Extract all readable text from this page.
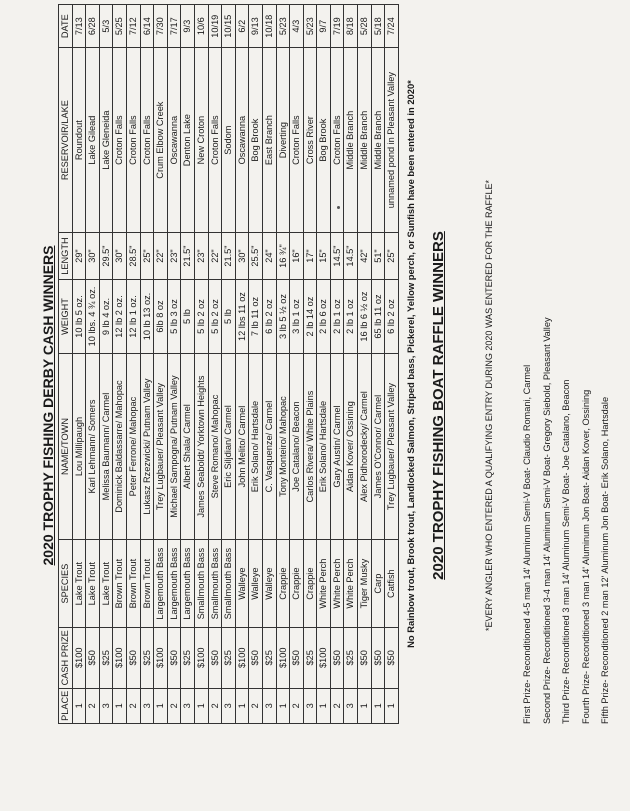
2020 TROPHY FISHING DERBY CASH WINNERS
PLACE	CASH PRIZE	SPECIES	NAME/TOWN	WEIGHT	LENGTH	RESERVOIR/LAKE	DATE
1	$100	Lake Trout	Lou Millipaugh	10 lb 5 oz.	29"	Roundout	7/13
2	$50	Lake Trout	Karl Lehmann/ Somers	10 lbs. 4 ¾ oz.	30"	Lake Gilead	6/28
3	$25	Lake Trout	Melissa Baumann/ Carmel	9 lb 4 oz.	29.5"	Lake Gleneida	5/3
1	$100	Brown Trout	Dominick Baldassarre/ Mahopac	12 lb 2 oz.	30"	Croton Falls	5/25
2	$50	Brown Trout	Peter Ferrone/ Mahopac	12 lb 1 oz.	28.5"	Croton Falls	7/12
3	$25	Brown Trout	Lukasz Rzezwicki/ Putnam Valley	10 lb 13 oz.	25"	Croton Falls	6/14
1	$100	Largemouth Bass	Trey Lugbauer/ Pleasant Valley	6lb 8 oz	22"	Crum Elbow Creek	7/30
2	$50	Largemouth Bass	Michael Sampogna/ Putnam Valley	5 lb 3 oz	23"	Oscawanna	7/17
3	$25	Largemouth Bass	Albert Shala/ Carmel	5 lb	21.5"	Denton Lake	9/3
1	$100	Smallmouth Bass	James Seaboldt/ Yorktown Heights	5 lb 2 oz	23"	New Croton	10/6
2	$50	Smallmouth Bass	Steve Romano/ Mahopac	5 lb 2 oz	22"	Croton Falls	10/19
3	$25	Smallmouth Bass	Eric Siljdian/ Carmel	5 lb	21.5"	Sodom	10/15
1	$100	Walleye	John Melito/ Carmel	12 lbs 11 oz	30"	Oscawanna	6/2
2	$50	Walleye	Erik Solano/ Hartsdale	7 lb 11 oz	25.5"	Bog Brook	9/13
3	$25	Walleye	C. Vasquenze/ Carmel	6 lb 2 oz	24"	East Branch	10/18
1	$100	Crappie	Tony Monteiro/ Mahopac	3 lb 5 ½ oz	16 ¾"	Diverting	5/23
2	$50	Crappie	Joe Catalano/ Beacon	3 lb 1 oz	16"	Croton Falls	4/3
3	$25	Crappie	Carlos Rivera/ White Plains	2 lb 14 oz	17"	Cross River	5/23
1	$100	White Perch	Erik Solano/ Hartsdale	2 lb 6 oz	15"	Bog Brook	9/7
2	$50	White Perch	Gary Austin/ Carmel	2 lb 1 oz	14.5"	Croton Falls	7/19
3	$25	White Perch	Aidan Kover/ Ossining	2 lb 1 oz	14.5"	Middle Branch	8/18
1	$50	Tiger Musky	Alex Pidhorodecky/ Carmel	16 lb 6 ½ oz	42"	Middle Branch	5/28
1	$50	Carp	James O'Connor/ Carmel	65 lb 11 oz	51"	Middle Branch	5/18
1	$50	Catfish	Trey Lugbauer/ Pleasant Valley	6 lb 2 oz	25"	unnamed pond in Pleasant Valley	7/24
No Rainbow trout, Brook trout, Landlocked Salmon, Striped bass, Pickerel, Yellow perch, or Sunfish have been entered in 2020* 2020 TROPHY FISHING BOAT RAFFLE WINNERS	*EVERY ANGLER WHO ENTERED A QUALIFYING ENTRY DURING 2020 WAS ENTERED FOR THE RAFFLE*	First Prize- Reconditioned 4-5 man 14' Aluminum Semi-V Boat- Claudio Romani, Carmel	Second Prize- Reconditioned 3-4 man 14' Aluminum Semi-V Boat- Gregory Siebold, Pleasant Valley	Third Prize- Reconditioned 3 man 14' Aluminum Semi-V Boat- Joe Catalano, Beacon	Fourth Prize- Reconditioned 3 man 14' Aluminum Jon Boat- Aidan Kover, Ossining	Fifth Prize- Reconditioned 2 man 12' Aluminum Jon Boat- Erik Solano, Hartsdale
